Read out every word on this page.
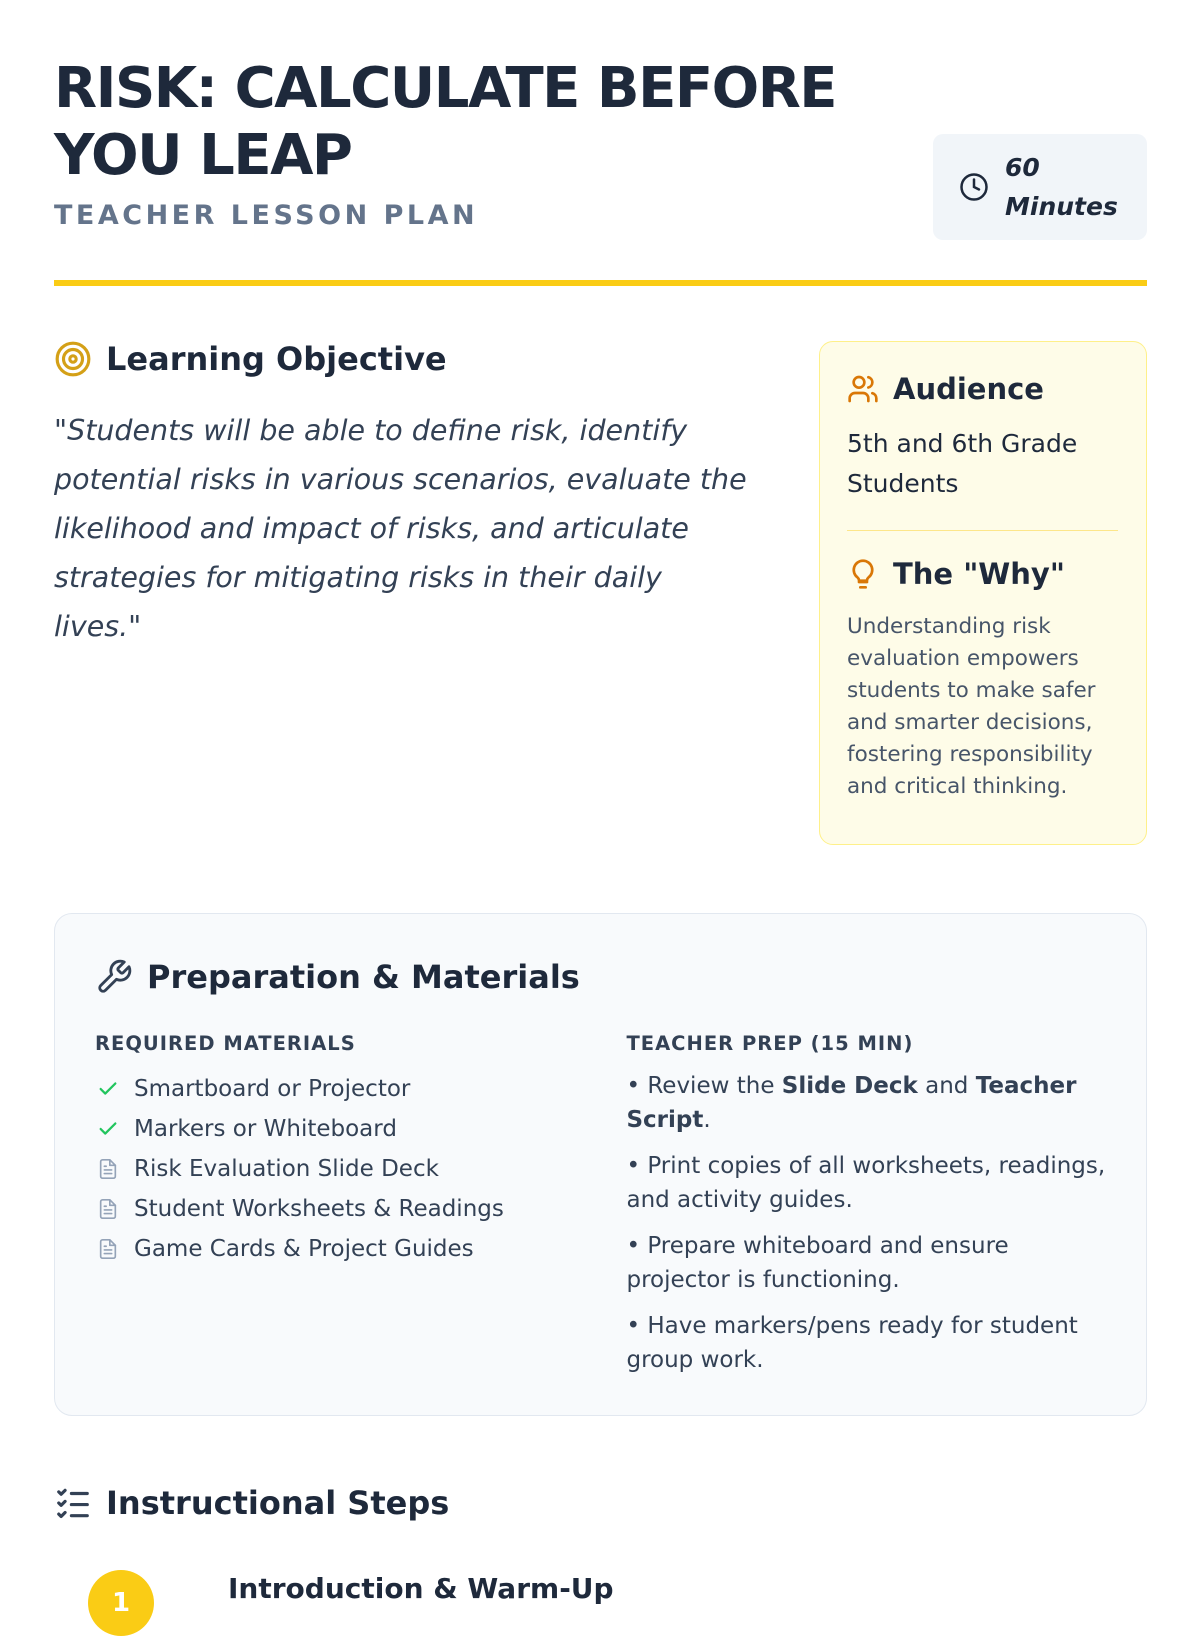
RISK: CALCULATE BEFORE YOU LEAP
TEACHER LESSON PLAN
60 Minutes
Learning Objective

"Students will be able to define risk, identify potential risks in various scenarios, evaluate the likelihood and impact of risks, and articulate strategies for mitigating risks in their daily lives."

Audience
5th and 6th Grade Students
The "Why"
Understanding risk evaluation empowers students to make safer and smarter decisions, fostering responsibility and critical thinking.
Preparation & Materials
REQUIRED MATERIALS
Smartboard or Projector
Markers or Whiteboard
Risk Evaluation Slide Deck
Student Worksheets & Readings
Game Cards & Project Guides
TEACHER PREP (15 MIN)
• Review the Slide Deck and Teacher Script.
• Print copies of all worksheets, readings, and activity guides.
• Prepare whiteboard and ensure projector is functioning.
• Have markers/pens ready for student group work.
Instructional Steps
1	Introduction & Warm-Up
